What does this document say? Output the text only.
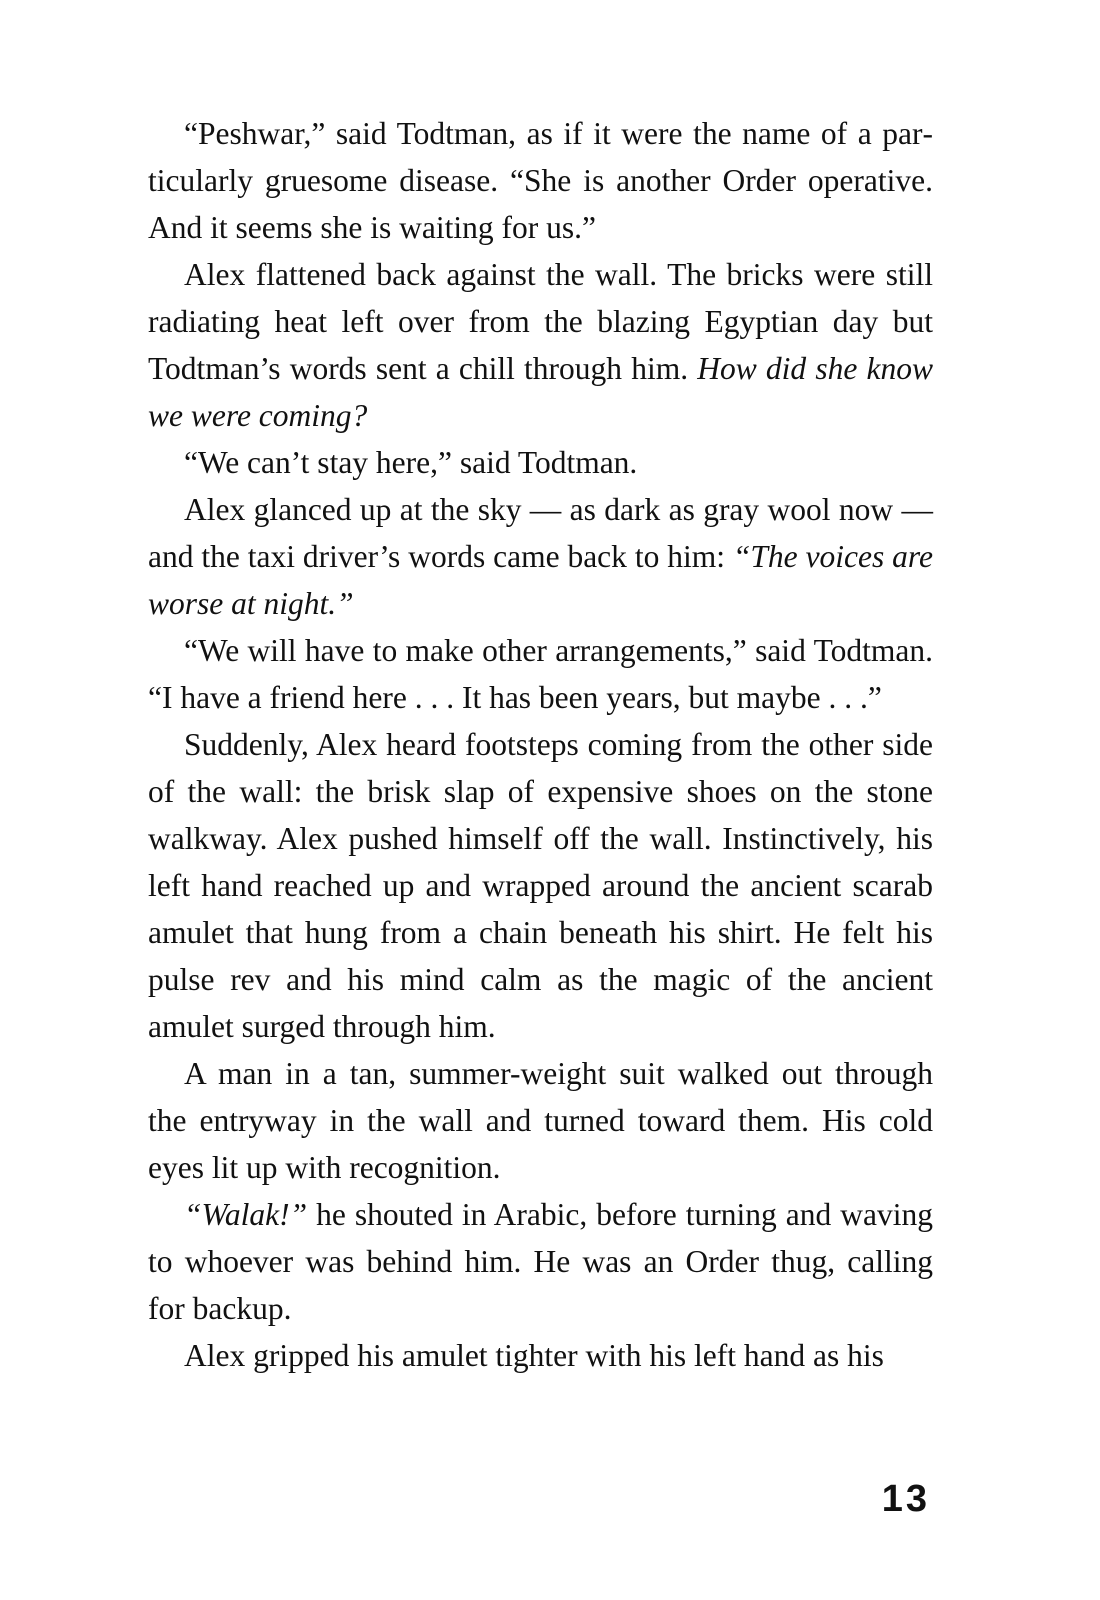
“Peshwar,” said Todtman, as if it were the name of a particularly gruesome disease. “She is another Order operative. And it seems she is waiting for us.”

Alex flattened back against the wall. The bricks were still radiating heat left over from the blazing Egyptian day but Todtman’s words sent a chill through him. How did she know we were coming?

“We can’t stay here,” said Todtman.

Alex glanced up at the sky — as dark as gray wool now — and the taxi driver’s words came back to him: “The voices are worse at night.”

“We will have to make other arrangements,” said Todtman. “I have a friend here . . . It has been years, but maybe . . .”

Suddenly, Alex heard footsteps coming from the other side of the wall: the brisk slap of expensive shoes on the stone walkway. Alex pushed himself off the wall. Instinctively, his left hand reached up and wrapped around the ancient scarab amulet that hung from a chain beneath his shirt. He felt his pulse rev and his mind calm as the magic of the ancient amulet surged through him.

A man in a tan, summer-weight suit walked out through the entryway in the wall and turned toward them. His cold eyes lit up with recognition.

“Walak!” he shouted in Arabic, before turning and waving to whoever was behind him. He was an Order thug, calling for backup.

Alex gripped his amulet tighter with his left hand as his

13
